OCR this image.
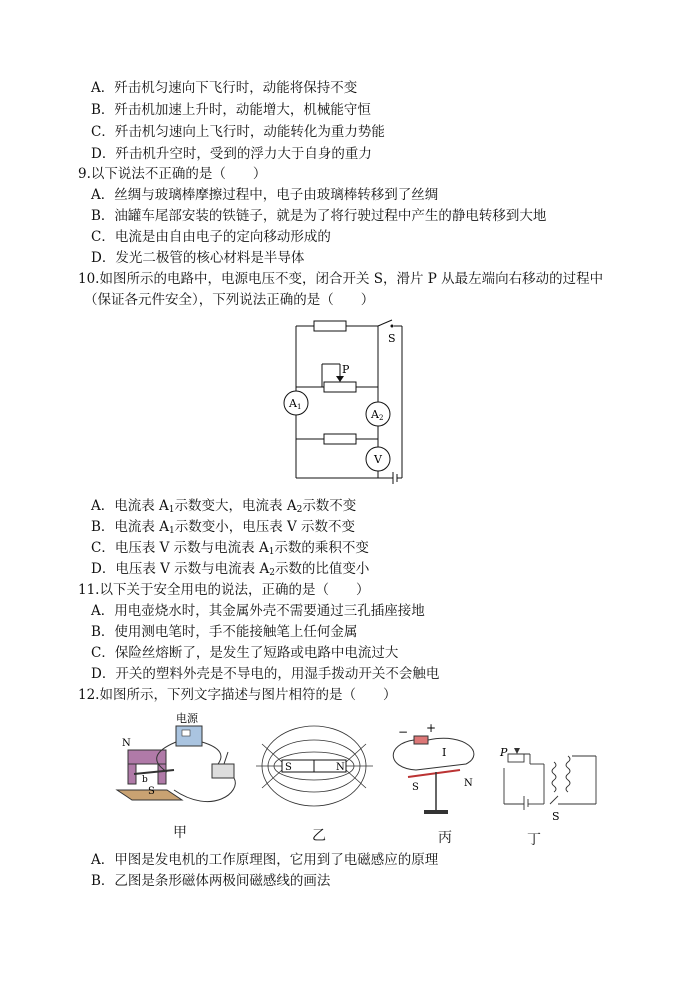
A．歼击机匀速向下飞行时，动能将保持不变
B．歼击机加速上升时，动能增大，机械能守恒
C．歼击机匀速向上飞行时，动能转化为重力势能
D．歼击机升空时，受到的浮力大于自身的重力
9.以下说法不正确的是（　　）
A．丝绸与玻璃棒摩擦过程中，电子由玻璃棒转移到了丝绸
B．油罐车尾部安装的铁链子，就是为了将行驶过程中产生的静电转移到大地
C．电流是由自由电子的定向移动形成的
D．发光二极管的核心材料是半导体
10.如图所示的电路中，电源电压不变，闭合开关 S，滑片 P 从最左端向右移动的过程中
（保证各元件安全），下列说法正确的是（　　）
S
P
A1
A2
V
A．电流表 $A_1$示数变大，电流表 $A_2$示数不变
B．电流表 $A_1$示数变小，电压表 V 示数不变
C．电压表 V 示数与电流表 $A_1$示数的乘积不变
D．电压表 V 示数与电流表 $A_2$示数的比值变小
11.以下关于安全用电的说法，正确的是（　　）
A．用电壶烧水时，其金属外壳不需要通过三孔插座接地
B．使用测电笔时，手不能接触笔上任何金属
C．保险丝熔断了，是发生了短路或电路中电流过大
D．开关的塑料外壳是不导电的，用湿手拨动开关不会触电
12.如图所示，下列文字描述与图片相符的是（　　）
电源
N
b
S
甲
S	N
乙
− +
I
S	N
丙
P
S
丁
A．甲图是发电机的工作原理图，它用到了电磁感应的原理
B．乙图是条形磁体两极间磁感线的画法
